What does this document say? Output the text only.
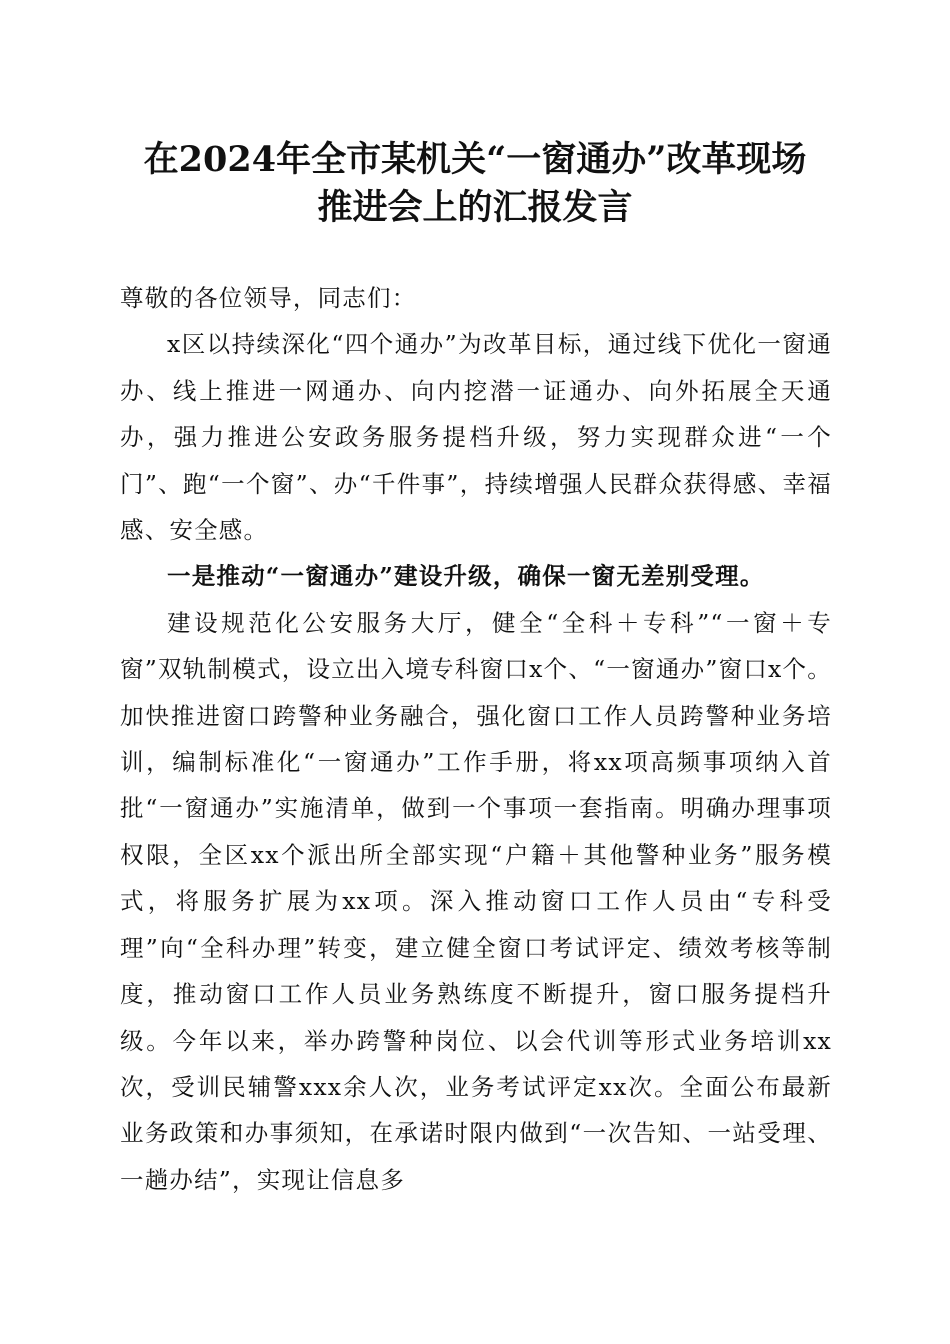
在2024年全市某机关“一窗通办”改革现场
推进会上的汇报发言

尊敬的各位领导，同志们：

x区以持续深化“四个通办”为改革目标，通过线下优化一窗通办、线上推进一网通办、向内挖潜一证通办、向外拓展全天通办，强力推进公安政务服务提档升级，努力实现群众进“一个门”、跑“一个窗”、办“千件事”，持续增强人民群众获得感、幸福感、安全感。

一是推动“一窗通办”建设升级，确保一窗无差别受理。

建设规范化公安服务大厅，健全“全科＋专科”“一窗＋专窗”双轨制模式，设立出入境专科窗口x个、“一窗通办”窗口x个。加快推进窗口跨警种业务融合，强化窗口工作人员跨警种业务培训，编制标准化“一窗通办”工作手册，将xx项高频事项纳入首批“一窗通办”实施清单，做到一个事项一套指南。明确办理事项权限，全区xx个派出所全部实现“户籍＋其他警种业务”服务模式，将服务扩展为xx项。深入推动窗口工作人员由“专科受理”向“全科办理”转变，建立健全窗口考试评定、绩效考核等制度，推动窗口工作人员业务熟练度不断提升，窗口服务提档升级。今年以来，举办跨警种岗位、以会代训等形式业务培训xx次，受训民辅警xxx余人次，业务考试评定xx次。全面公布最新业务政策和办事须知，在承诺时限内做到“一次告知、一站受理、一趟办结”，实现让信息多
